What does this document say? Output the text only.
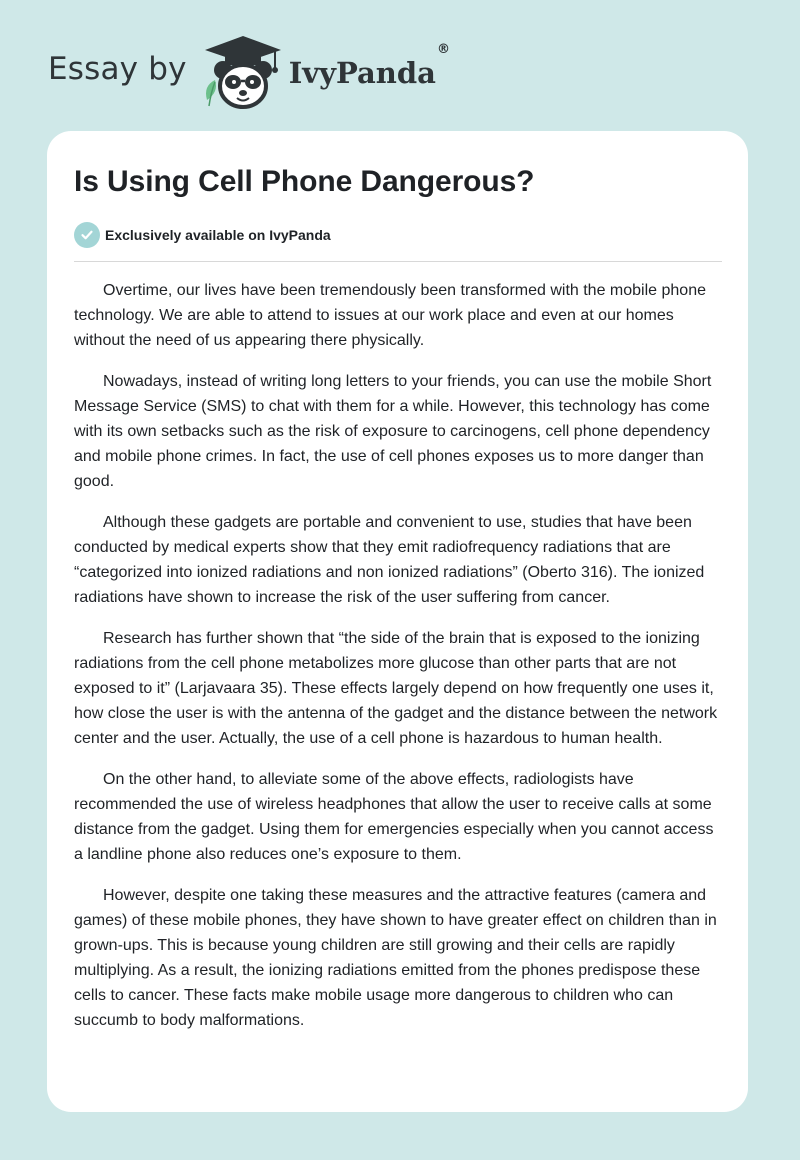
Essay by	IvyPanda®
Is Using Cell Phone Dangerous?
Exclusively available on IvyPanda

Overtime, our lives have been tremendously been transformed with the mobile phone technology. We are able to attend to issues at our work place and even at our homes without the need of us appearing there physically.

Nowadays, instead of writing long letters to your friends, you can use the mobile Short Message Service (SMS) to chat with them for a while. However, this technology has come with its own setbacks such as the risk of exposure to carcinogens, cell phone dependency and mobile phone crimes. In fact, the use of cell phones exposes us to more danger than good.

Although these gadgets are portable and convenient to use, studies that have been conducted by medical experts show that they emit radiofrequency radiations that are “categorized into ionized radiations and non ionized radiations” (Oberto 316). The ionized radiations have shown to increase the risk of the user suffering from cancer.

Research has further shown that “the side of the brain that is exposed to the ionizing radiations from the cell phone metabolizes more glucose than other parts that are not exposed to it” (Larjavaara 35). These effects largely depend on how frequently one uses it, how close the user is with the antenna of the gadget and the distance between the network center and the user. Actually, the use of a cell phone is hazardous to human health.

On the other hand, to alleviate some of the above effects, radiologists have recommended the use of wireless headphones that allow the user to receive calls at some distance from the gadget. Using them for emergencies especially when you cannot access a landline phone also reduces one’s exposure to them.

However, despite one taking these measures and the attractive features (camera and games) of these mobile phones, they have shown to have greater effect on children than in grown-ups. This is because young children are still growing and their cells are rapidly multiplying. As a result, the ionizing radiations emitted from the phones predispose these cells to cancer. These facts make mobile usage more dangerous to children who can succumb to body malformations.
